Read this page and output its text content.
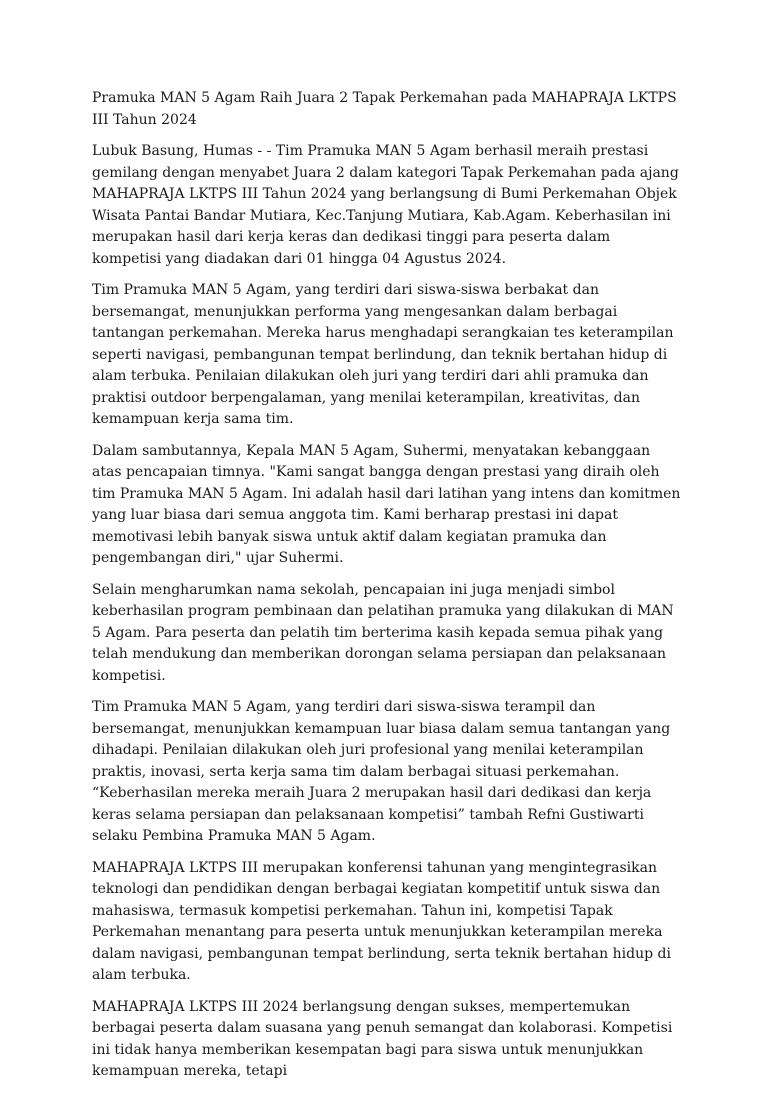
Pramuka MAN 5 Agam Raih Juara 2 Tapak Perkemahan pada MAHAPRAJA LKTPS III Tahun 2024

Lubuk Basung, Humas - - Tim Pramuka MAN 5 Agam berhasil meraih prestasi gemilang dengan menyabet Juara 2 dalam kategori Tapak Perkemahan pada ajang MAHAPRAJA LKTPS III Tahun 2024 yang berlangsung di Bumi Perkemahan Objek Wisata Pantai Bandar Mutiara, Kec.Tanjung Mutiara, Kab.Agam. Keberhasilan ini merupakan hasil dari kerja keras dan dedikasi tinggi para peserta dalam kompetisi yang diadakan dari 01 hingga 04 Agustus 2024.

Tim Pramuka MAN 5 Agam, yang terdiri dari siswa-siswa berbakat dan bersemangat, menunjukkan performa yang mengesankan dalam berbagai tantangan perkemahan. Mereka harus menghadapi serangkaian tes keterampilan seperti navigasi, pembangunan tempat berlindung, dan teknik bertahan hidup di alam terbuka. Penilaian dilakukan oleh juri yang terdiri dari ahli pramuka dan praktisi outdoor berpengalaman, yang menilai keterampilan, kreativitas, dan kemampuan kerja sama tim.

Dalam sambutannya, Kepala MAN 5 Agam, Suhermi, menyatakan kebanggaan atas pencapaian timnya. "Kami sangat bangga dengan prestasi yang diraih oleh tim Pramuka MAN 5 Agam. Ini adalah hasil dari latihan yang intens dan komitmen yang luar biasa dari semua anggota tim. Kami berharap prestasi ini dapat memotivasi lebih banyak siswa untuk aktif dalam kegiatan pramuka dan pengembangan diri," ujar Suhermi.

Selain mengharumkan nama sekolah, pencapaian ini juga menjadi simbol keberhasilan program pembinaan dan pelatihan pramuka yang dilakukan di MAN 5 Agam. Para peserta dan pelatih tim berterima kasih kepada semua pihak yang telah mendukung dan memberikan dorongan selama persiapan dan pelaksanaan kompetisi.

Tim Pramuka MAN 5 Agam, yang terdiri dari siswa-siswa terampil dan bersemangat, menunjukkan kemampuan luar biasa dalam semua tantangan yang dihadapi. Penilaian dilakukan oleh juri profesional yang menilai keterampilan praktis, inovasi, serta kerja sama tim dalam berbagai situasi perkemahan. “Keberhasilan mereka meraih Juara 2 merupakan hasil dari dedikasi dan kerja keras selama persiapan dan pelaksanaan kompetisi” tambah Refni Gustiwarti selaku Pembina Pramuka MAN 5 Agam.

MAHAPRAJA LKTPS III merupakan konferensi tahunan yang mengintegrasikan teknologi dan pendidikan dengan berbagai kegiatan kompetitif untuk siswa dan mahasiswa, termasuk kompetisi perkemahan. Tahun ini, kompetisi Tapak Perkemahan menantang para peserta untuk menunjukkan keterampilan mereka dalam navigasi, pembangunan tempat berlindung, serta teknik bertahan hidup di alam terbuka.

MAHAPRAJA LKTPS III 2024 berlangsung dengan sukses, mempertemukan berbagai peserta dalam suasana yang penuh semangat dan kolaborasi. Kompetisi ini tidak hanya memberikan kesempatan bagi para siswa untuk menunjukkan kemampuan mereka, tetapi
